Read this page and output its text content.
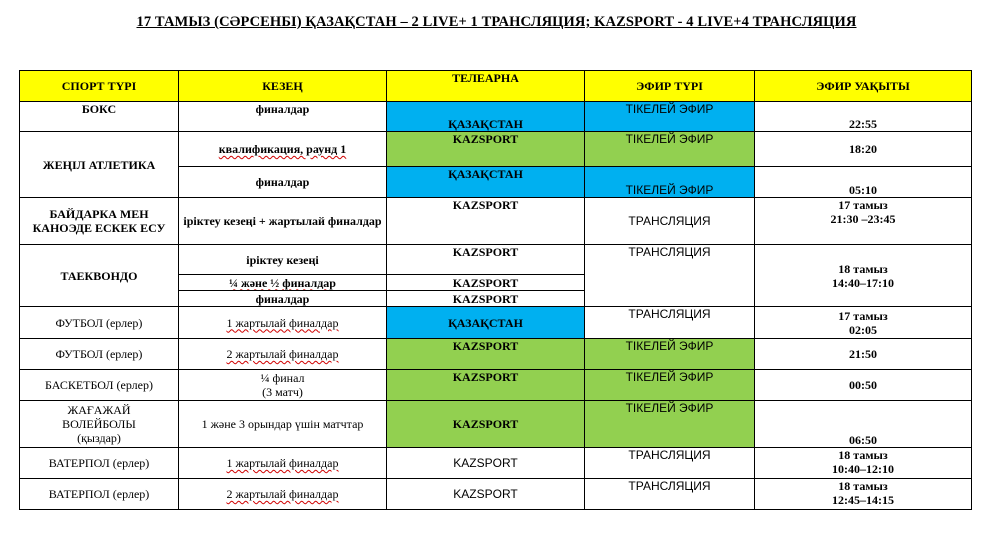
17 ТАМЫЗ (СӘРСЕНБІ) ҚАЗАҚСТАН – 2 LIVE+ 1 ТРАНСЛЯЦИЯ; KAZSPORT - 4 LIVE+4 ТРАНСЛЯЦИЯ
СПОРТ ТҮРІ	КЕЗЕҢ	ТЕЛЕАРНА	ЭФИР ТҮРІ	ЭФИР УАҚЫТЫ
БОКС	финалдар	ҚАЗАҚСТАН	ТІКЕЛЕЙ ЭФИР	22:55
ЖЕҢІЛ АТЛЕТИКА	квалификация, раунд 1	KAZSPORT	ТІКЕЛЕЙ ЭФИР	18:20
	финалдар	ҚАЗАҚСТАН	ТІКЕЛЕЙ ЭФИР	05:10
БАЙДАРКА МЕН КАНОЭДЕ ЕСКЕК ЕСУ	іріктеу кезеңі + жартылай финалдар	KAZSPORT	ТРАНСЛЯЦИЯ	17 тамыз
21:30 –23:45

ТАЕКВОНДО	іріктеу кезеңі	KAZSPORT	ТРАНСЛЯЦИЯ	18 тамыз
14:40–17:10

	¼ және ½ финалдар	KAZSPORT		
	финалдар	KAZSPORT		
ФУТБОЛ (ерлер)	1 жартылай финалдар	ҚАЗАҚСТАН	ТРАНСЛЯЦИЯ	17 тамыз
02:05

ФУТБОЛ (ерлер)	2 жартылай финалдар	KAZSPORT	ТІКЕЛЕЙ ЭФИР	21:50
БАСКЕТБОЛ (ерлер)	¼ финал
(3 матч)	KAZSPORT	ТІКЕЛЕЙ ЭФИР	00:50

ЖАҒАЖАЙ
ВОЛЕЙБОЛЫ
(қыздар)	1 және 3 орындар үшін матчтар	KAZSPORT	ТІКЕЛЕЙ ЭФИР	06:50
ВАТЕРПОЛ (ерлер)	1 жартылай финалдар	KAZSPORT	ТРАНСЛЯЦИЯ	18 тамыз
10:40–12:10

ВАТЕРПОЛ (ерлер)	2 жартылай финалдар	KAZSPORT	ТРАНСЛЯЦИЯ	18 тамыз
12:45–14:15
